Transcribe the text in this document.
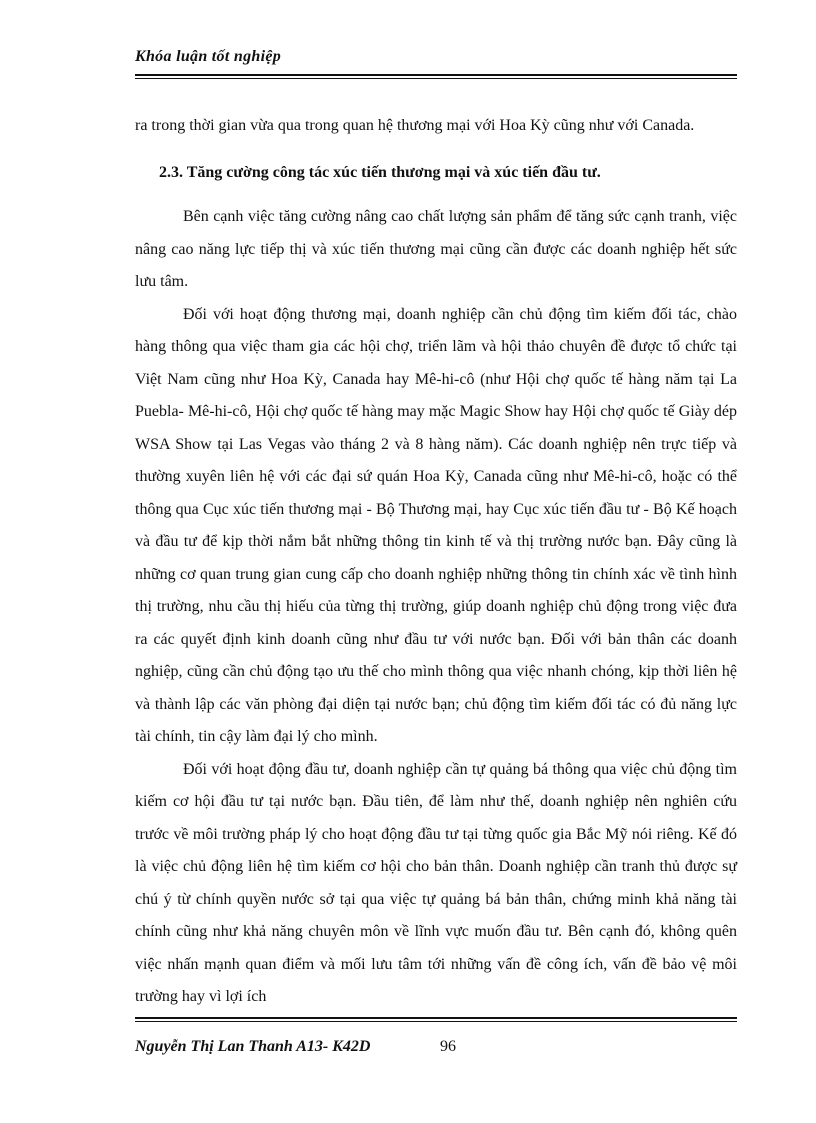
Khóa luận tốt nghiệp

ra trong thời gian vừa qua trong quan hệ thương mại với Hoa Kỳ cũng như với Canada.

2.3. Tăng cường công tác xúc tiến thương mại và xúc tiến đầu tư.

Bên cạnh việc tăng cường nâng cao chất lượng sản phẩm để tăng sức cạnh tranh, việc nâng cao năng lực tiếp thị và xúc tiến thương mại cũng cần được các doanh nghiệp hết sức lưu tâm.

Đối với hoạt động thương mại, doanh nghiệp cần chủ động tìm kiếm đối tác, chào hàng thông qua việc tham gia các hội chợ, triển lãm và hội thảo chuyên đề được tổ chức tại Việt Nam cũng như Hoa Kỳ, Canada hay Mê-hi-cô (như Hội chợ quốc tế hàng năm tại La Puebla- Mê-hi-cô, Hội chợ quốc tế hàng may mặc Magic Show hay Hội chợ quốc tế Giày dép WSA Show tại Las Vegas vào tháng 2 và 8 hàng năm). Các doanh nghiệp nên trực tiếp và thường xuyên liên hệ với các đại sứ quán Hoa Kỳ, Canada cũng như Mê-hi-cô, hoặc có thể thông qua Cục xúc tiến thương mại - Bộ Thương mại, hay Cục xúc tiến đầu tư - Bộ Kế hoạch và đầu tư để kịp thời nắm bắt những thông tin kinh tế và thị trường nước bạn. Đây cũng là những cơ quan trung gian cung cấp cho doanh nghiệp những thông tin chính xác về tình hình thị trường, nhu cầu thị hiếu của từng thị trường, giúp doanh nghiệp chủ động trong việc đưa ra các quyết định kinh doanh cũng như đầu tư với nước bạn. Đối với bản thân các doanh nghiệp, cũng cần chủ động tạo ưu thế cho mình thông qua việc nhanh chóng, kịp thời liên hệ và thành lập các văn phòng đại diện tại nước bạn; chủ động tìm kiếm đối tác có đủ năng lực tài chính, tin cậy làm đại lý cho mình.

Đối với hoạt động đầu tư, doanh nghiệp cần tự quảng bá thông qua việc chủ động tìm kiếm cơ hội đầu tư tại nước bạn. Đầu tiên, để làm như thế, doanh nghiệp nên nghiên cứu trước về môi trường pháp lý cho hoạt động đầu tư tại từng quốc gia Bắc Mỹ nói riêng. Kế đó là việc chủ động liên hệ tìm kiếm cơ hội cho bản thân. Doanh nghiệp cần tranh thủ được sự chú ý từ chính quyền nước sở tại qua việc tự quảng bá bản thân, chứng minh khả năng tài chính cũng như khả năng chuyên môn về lĩnh vực muốn đầu tư. Bên cạnh đó, không quên việc nhấn mạnh quan điểm và mối lưu tâm tới những vấn đề công ích, vấn đề bảo vệ môi trường hay vì lợi ích

Nguyễn Thị Lan Thanh A13- K42D	96
